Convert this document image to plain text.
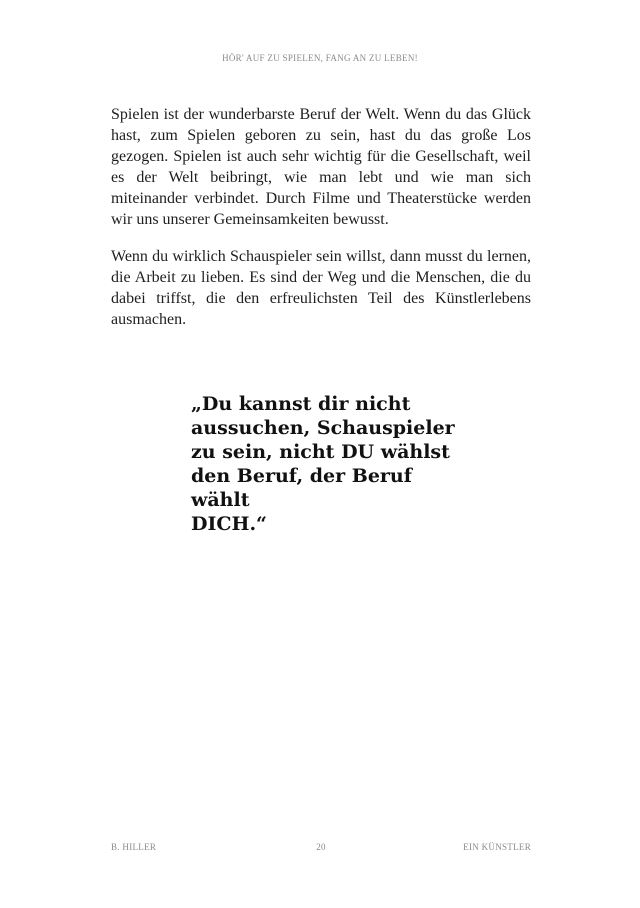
HÖR' AUF ZU SPIELEN, FANG AN ZU LEBEN!

Spielen ist der wunderbarste Beruf der Welt. Wenn du das Glück hast, zum Spielen geboren zu sein, hast du das große Los gezogen. Spielen ist auch sehr wichtig für die Gesellschaft, weil es der Welt beibringt, wie man lebt und wie man sich miteinander verbindet. Durch Filme und Theaterstücke werden wir uns unserer Gemeinsamkeiten bewusst.

Wenn du wirklich Schauspieler sein willst, dann musst du lernen, die Arbeit zu lieben. Es sind der Weg und die Menschen, die du dabei triffst, die den erfreulichsten Teil des Künstlerlebens ausmachen.

„Du kannst dir nicht
aussuchen, Schauspieler
zu sein, nicht DU wählst
den Beruf, der Beruf wählt
DICH.“

B. HILLER	20	EIN KÜNSTLER
